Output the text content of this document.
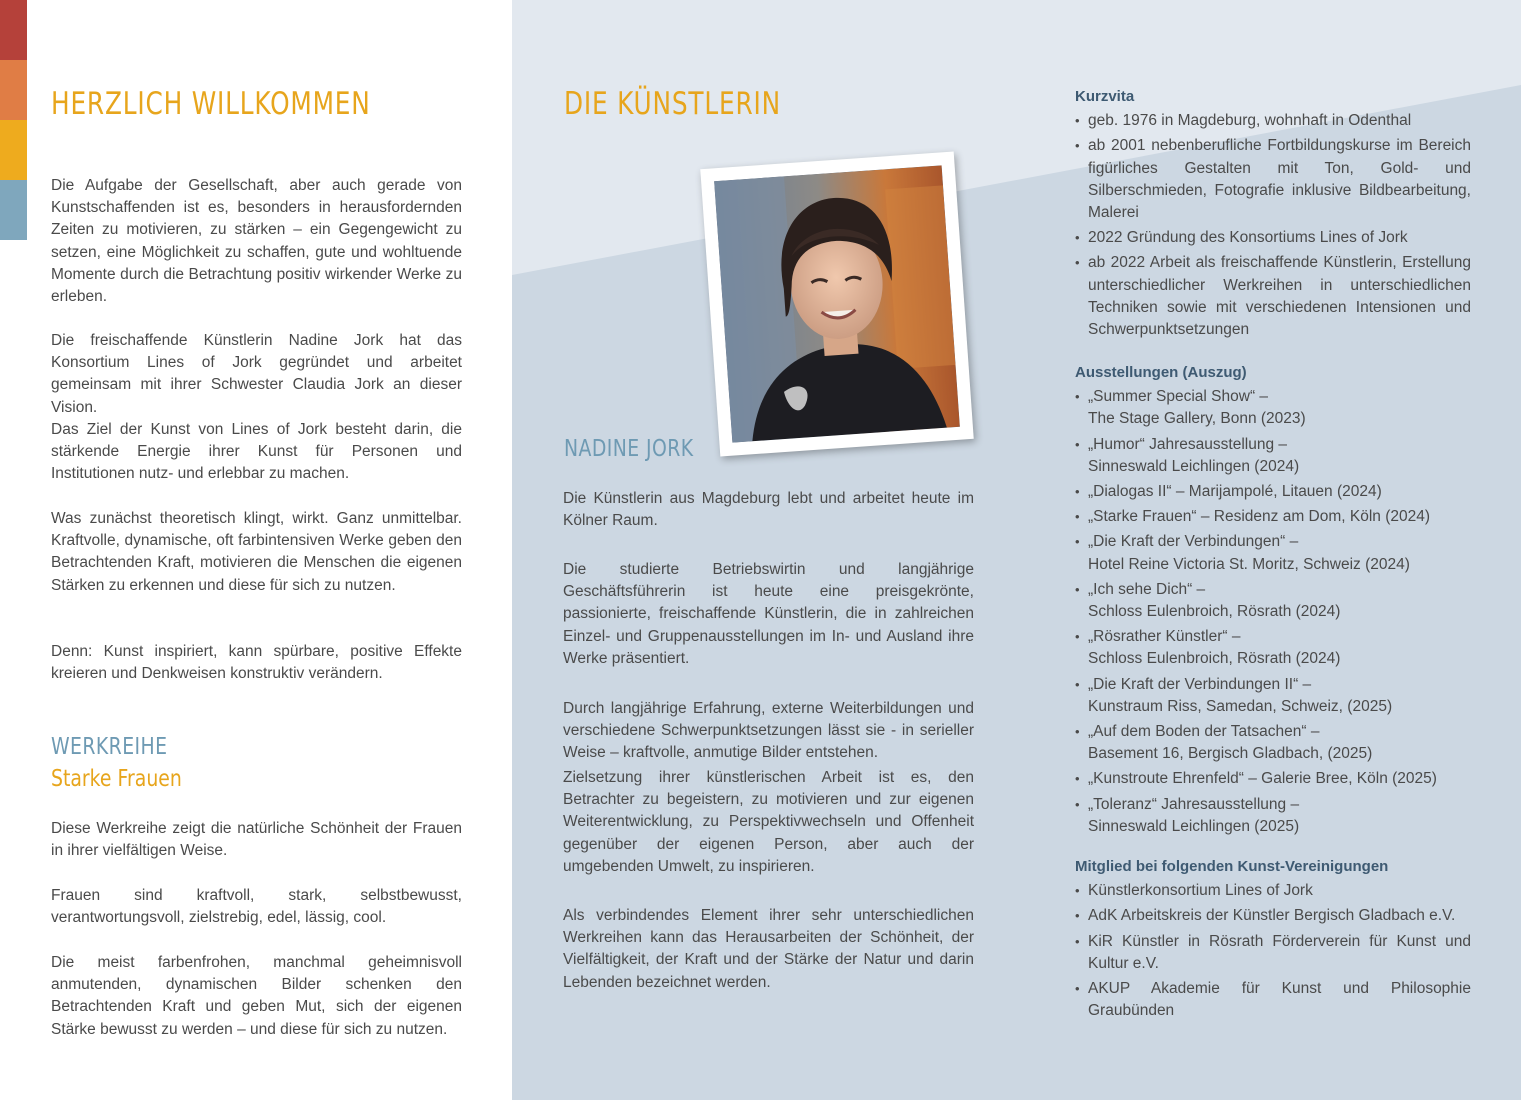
HERZLICH WILLKOMMEN

Die Aufgabe der Gesellschaft, aber auch gerade von Kunstschaffenden ist es, besonders in herausfordernden Zeiten zu motivieren, zu stärken – ein Gegengewicht zu setzen, eine Möglichkeit zu schaffen, gute und wohltuende Momente durch die Betrachtung positiv wirkender Werke zu erleben.

Die freischaffende Künstlerin Nadine Jork hat das Konsortium Lines of Jork gegründet und arbeitet gemeinsam mit ihrer Schwester Claudia Jork an dieser Vision.

Das Ziel der Kunst von Lines of Jork besteht darin, die stärkende Energie ihrer Kunst für Personen und Institutionen nutz- und erlebbar zu machen.

Was zunächst theoretisch klingt, wirkt. Ganz unmittelbar. Kraftvolle, dynamische, oft farbintensiven Werke geben den Betrachtenden Kraft, motivieren die Menschen die eigenen Stärken zu erkennen und diese für sich zu nutzen.

Denn: Kunst inspiriert, kann spürbare, positive Effekte kreieren und Denkweisen konstruktiv verändern.

WERKREIHE
Starke Frauen

Diese Werkreihe zeigt die natürliche Schönheit der Frauen in ihrer vielfältigen Weise.

Frauen sind kraftvoll, stark, selbstbewusst, verantwortungsvoll, zielstrebig, edel, lässig, cool.

Die meist farbenfrohen, manchmal geheimnisvoll anmutenden, dynamischen Bilder schenken den Betrachtenden Kraft und geben Mut, sich der eigenen Stärke bewusst zu werden – und diese für sich zu nutzen.

DIE KÜNSTLERIN
NADINE JORK

Die Künstlerin aus Magdeburg lebt und arbeitet heute im Kölner Raum.

Die studierte Betriebswirtin und langjährige Geschäftsführerin ist heute eine preisgekrönte, passionierte, freischaffende Künstlerin, die in zahlreichen Einzel- und Gruppenausstellungen im In- und Ausland ihre Werke präsentiert.

Durch langjährige Erfahrung, externe Weiterbildungen und verschiedene Schwerpunktsetzungen lässt sie - in serieller Weise – kraftvolle, anmutige Bilder entstehen.

Zielsetzung ihrer künstlerischen Arbeit ist es, den Betrachter zu begeistern, zu motivieren und zur eigenen Weiterentwicklung, zu Perspektivwechseln und Offenheit gegenüber der eigenen Person, aber auch der umgebenden Umwelt, zu inspirieren.

Als verbindendes Element ihrer sehr unterschiedlichen Werkreihen kann das Herausarbeiten der Schönheit, der Vielfältigkeit, der Kraft und der Stärke der Natur und darin Lebenden bezeichnet werden.

Kurzvita
• geb. 1976 in Magdeburg, wohnhaft in Odenthal
• ab 2001 nebenberufliche Fortbildungskurse im Bereich figürliches Gestalten mit Ton, Gold- und Silberschmieden, Fotografie inklusive Bildbearbeitung, Malerei
• 2022 Gründung des Konsortiums Lines of Jork
• ab 2022 Arbeit als freischaffende Künstlerin, Erstellung unterschiedlicher Werkreihen in unterschiedlichen Techniken sowie mit verschiedenen Intensionen und Schwerpunktsetzungen
Ausstellungen (Auszug)
• „Summer Special Show“ –
The Stage Gallery, Bonn (2023)
• „Humor“ Jahresausstellung –
Sinneswald Leichlingen (2024)
• „Dialogas II“ – Marijampolé, Litauen (2024)
• „Starke Frauen“ – Residenz am Dom, Köln (2024)
• „Die Kraft der Verbindungen“ –
Hotel Reine Victoria St. Moritz, Schweiz (2024)
• „Ich sehe Dich“ –
Schloss Eulenbroich, Rösrath (2024)
• „Rösrather Künstler“ –
Schloss Eulenbroich, Rösrath (2024)
• „Die Kraft der Verbindungen II“ –
Kunstraum Riss, Samedan, Schweiz, (2025)
• „Auf dem Boden der Tatsachen“ –
Basement 16, Bergisch Gladbach, (2025)
• „Kunstroute Ehrenfeld“ – Galerie Bree, Köln (2025)
• „Toleranz“ Jahresausstellung –
Sinneswald Leichlingen (2025)
Mitglied bei folgenden Kunst-Vereinigungen
• Künstlerkonsortium Lines of Jork
• AdK Arbeitskreis der Künstler Bergisch Gladbach e.V.
• KiR Künstler in Rösrath Förderverein für Kunst und Kultur e.V.
• AKUP Akademie für Kunst und Philosophie Graubünden
